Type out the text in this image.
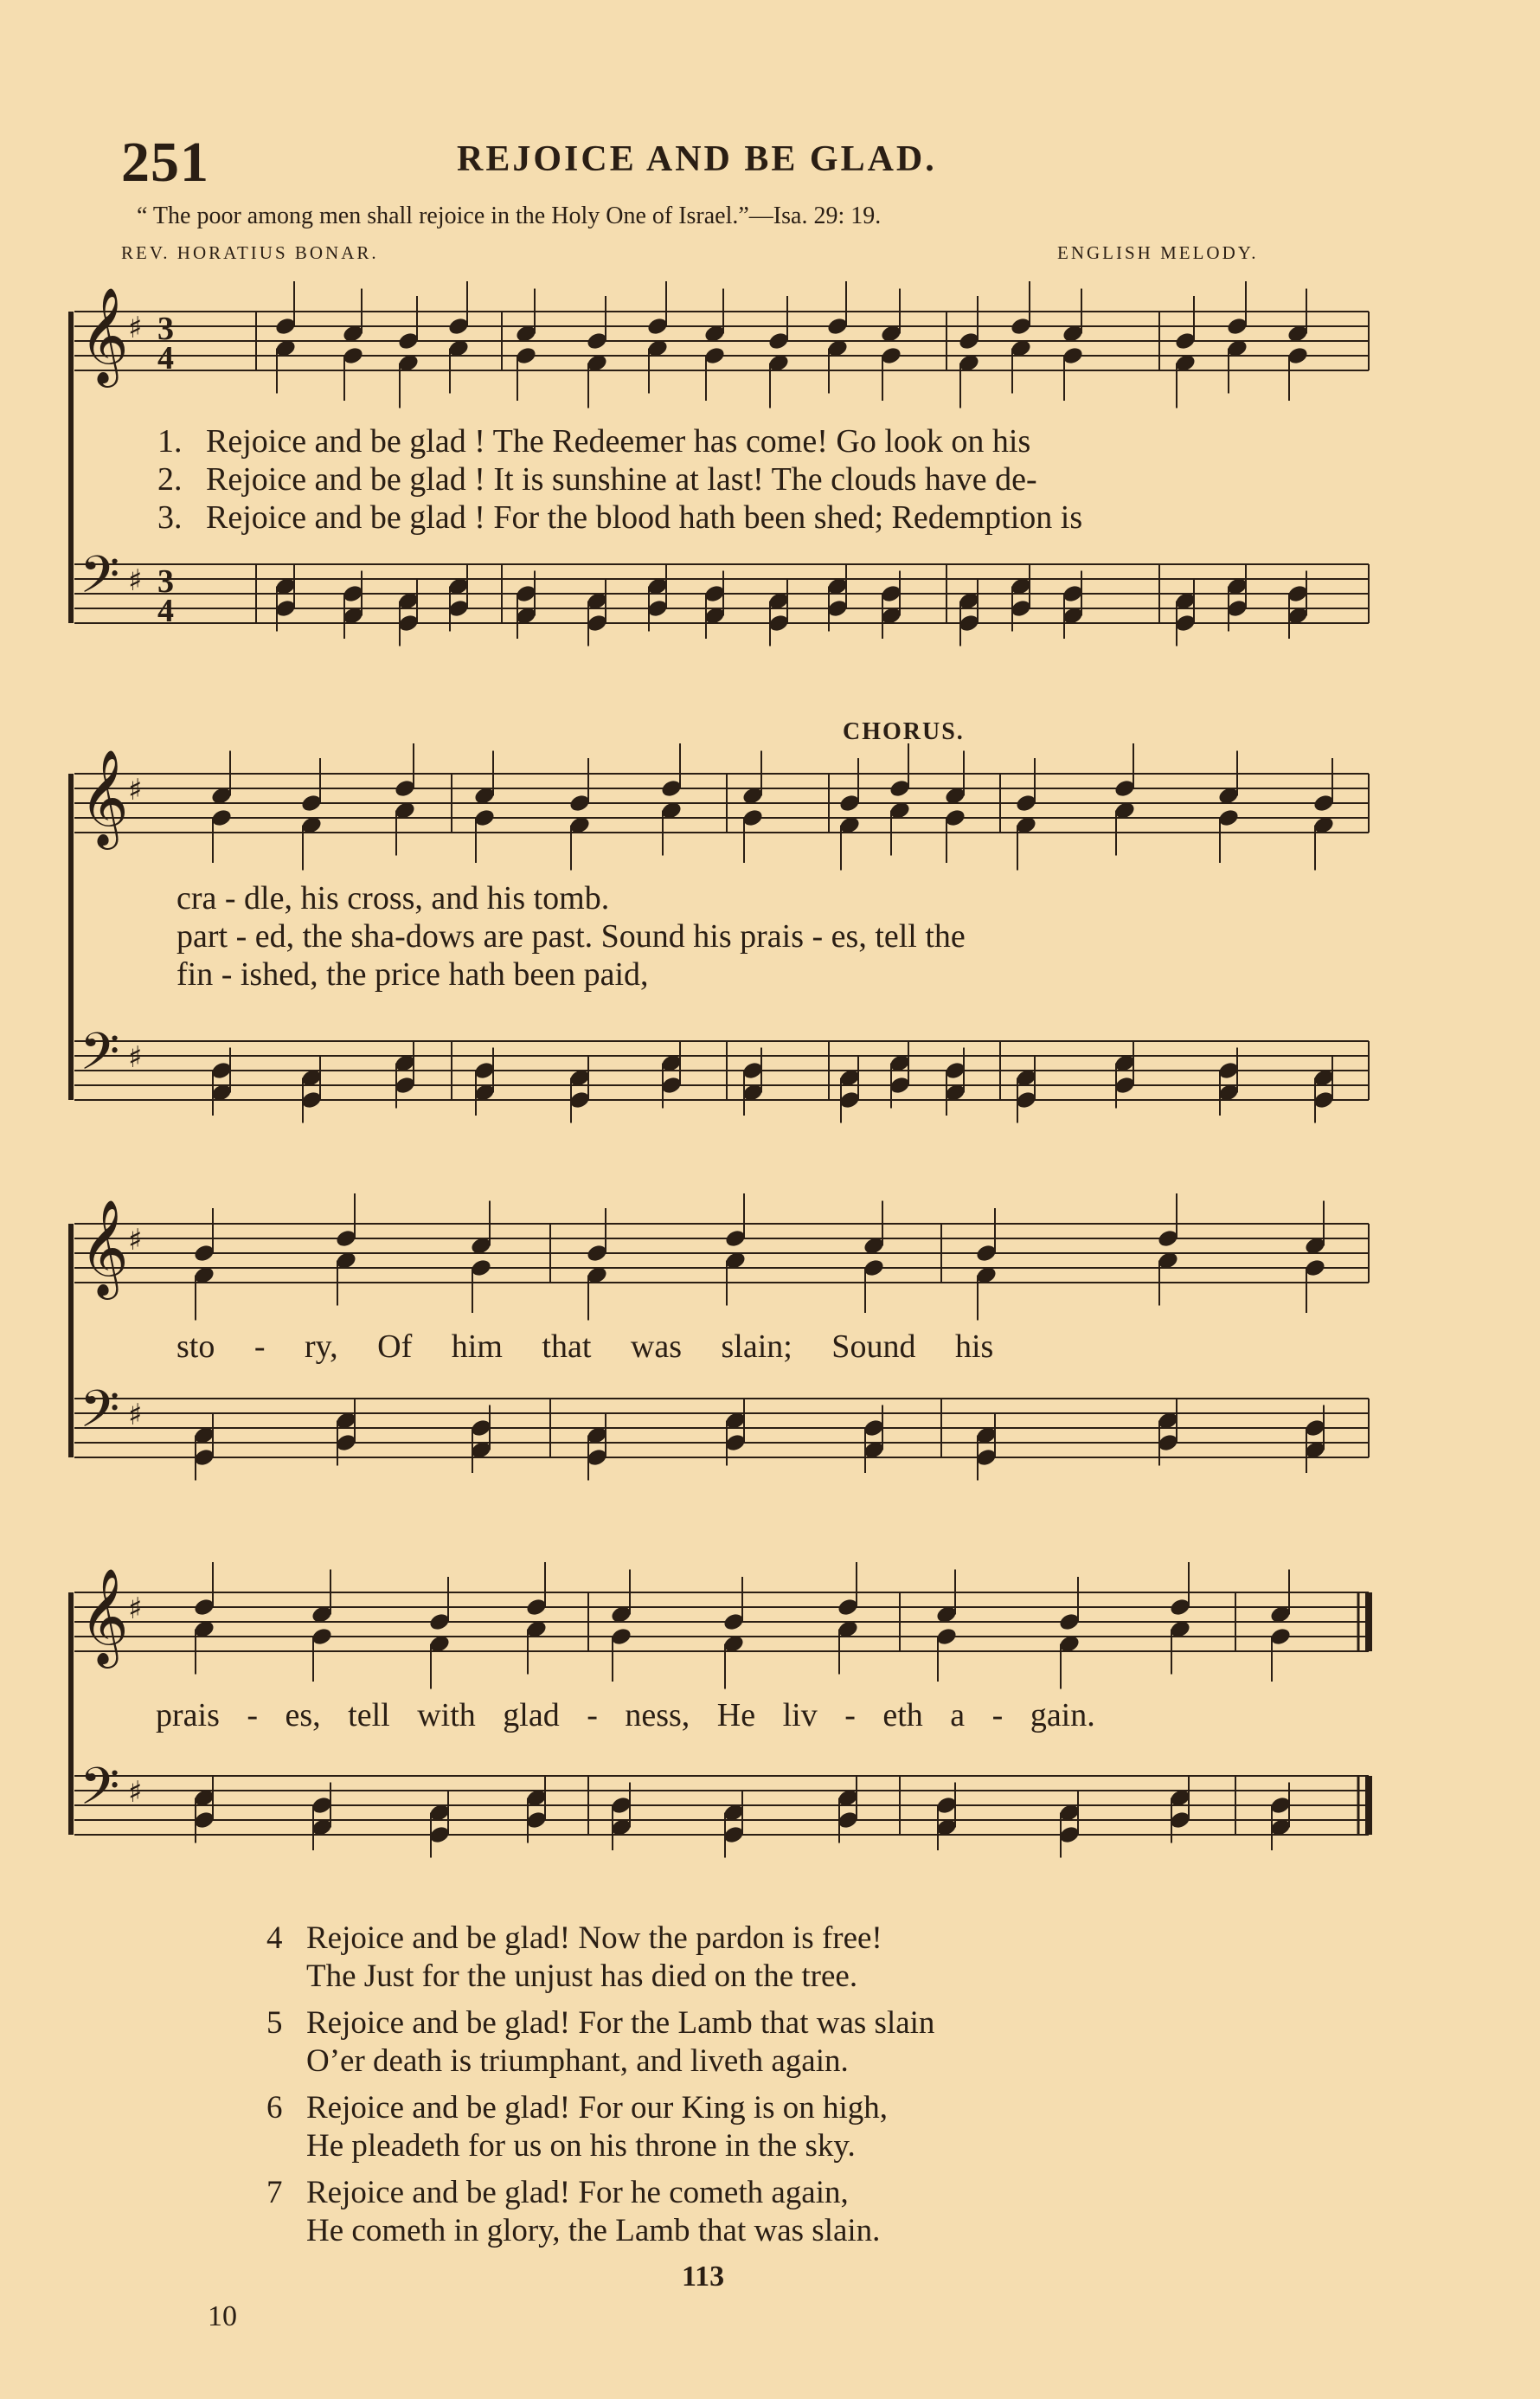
251	REJOICE AND BE GLAD.
“ The poor among men shall rejoice in the Holy One of Israel.”—Isa. 29: 19.
REV. HORATIUS BONAR.	ENGLISH MELODY.
𝄞 ♯ 3
4
𝄢 ♯ 3
4
𝄞 ♯
𝄢 ♯
𝄞 ♯
𝄢 ♯
𝄞 ♯
𝄢 ♯
CHORUS.
1. Rejoice and be glad ! The Redeemer has come! Go look on his
2. Rejoice and be glad ! It is sunshine at last! The clouds have de-
3. Rejoice and be glad ! For the blood hath been shed; Redemption is
cra - dle, his cross, and his tomb.
part - ed, the sha-dows are past. Sound his prais - es, tell the
fin - ished, the price hath been paid,
sto - ry, Of him that was slain; Sound his
prais - es, tell with glad - ness, He liv - eth a - gain.
4 Rejoice and be glad! Now the pardon is free!
The Just for the unjust has died on the tree.
5 Rejoice and be glad! For the Lamb that was slain
O’er death is triumphant, and liveth again.
6 Rejoice and be glad! For our King is on high,
He pleadeth for us on his throne in the sky.
7 Rejoice and be glad! For he cometh again,
He cometh in glory, the Lamb that was slain.
113
10
